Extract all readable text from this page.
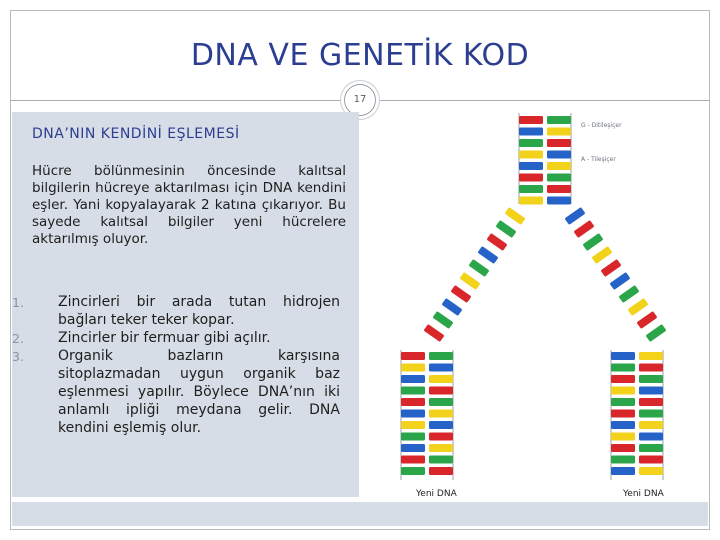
DNA VE GENETİK KOD
17
DNA’NIN KENDİNİ EŞLEMESİ
Hücre bölünmesinin öncesinde kalıtsal bilgilerin hücreye aktarılması için DNA kendini eşler. Yani kopyalayarak 2 katına çıkarıyor. Bu sayede kalıtsal bilgiler yeni hücrelere aktarılmış oluyor.
1.	Zincirleri bir arada tutan hidrojen bağları teker teker kopar.
2.	Zincirler bir fermuar gibi açılır.
3.	Organik bazların karşısına sitoplazmadan uygun organik baz eşlenmesi yapılır. Böylece DNA’nın iki anlamlı ipliği meydana gelir. DNA kendini eşlemiş olur.
G - Ditileşiçer
A - Tileşiçer
Yeni DNA	Yeni DNA
